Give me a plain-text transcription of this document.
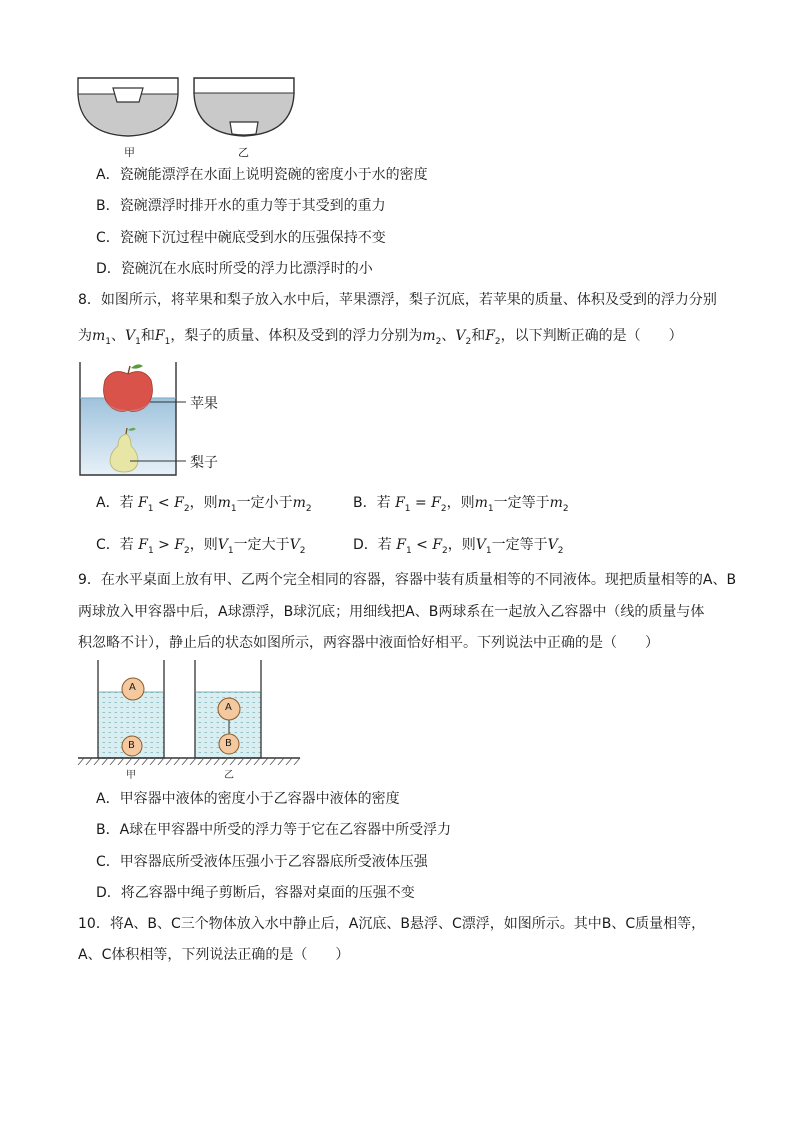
甲	乙
A．瓷碗能漂浮在水面上说明瓷碗的密度小于水的密度
B．瓷碗漂浮时排开水的重力等于其受到的重力
C．瓷碗下沉过程中碗底受到水的压强保持不变
D．瓷碗沉在水底时所受的浮力比漂浮时的小
8．如图所示，将苹果和梨子放入水中后，苹果漂浮，梨子沉底，若苹果的质量、体积及受到的浮力分别
为$m_1$、$V_1$和$F_1$，梨子的质量、体积及受到的浮力分别为$m_2$、$V_2$和$F_2$，以下判断正确的是（　　）
苹果
梨子
A．若 $F_1 < F_2$，则$m_1$一定小于$m_2$	B．若 $F_1 = F_2$，则$m_1$一定等于$m_2$
C．若 $F_1 > F_2$，则$V_1$一定大于$V_2$	D．若 $F_1 < F_2$，则$V_1$一定等于$V_2$
9．在水平桌面上放有甲、乙两个完全相同的容器，容器中装有质量相等的不同液体。现把质量相等的A、B
两球放入甲容器中后，A球漂浮，B球沉底；用细线把A、B两球系在一起放入乙容器中（线的质量与体
积忽略不计），静止后的状态如图所示，两容器中液面恰好相平。下列说法中正确的是（　　）
A
B
A
B
甲	乙
A．甲容器中液体的密度小于乙容器中液体的密度
B．A球在甲容器中所受的浮力等于它在乙容器中所受浮力
C．甲容器底所受液体压强小于乙容器底所受液体压强
D．将乙容器中绳子剪断后，容器对桌面的压强不变
10．将A、B、C三个物体放入水中静止后，A沉底、B悬浮、C漂浮，如图所示。其中B、C质量相等，
A、C体积相等，下列说法正确的是（　　）
